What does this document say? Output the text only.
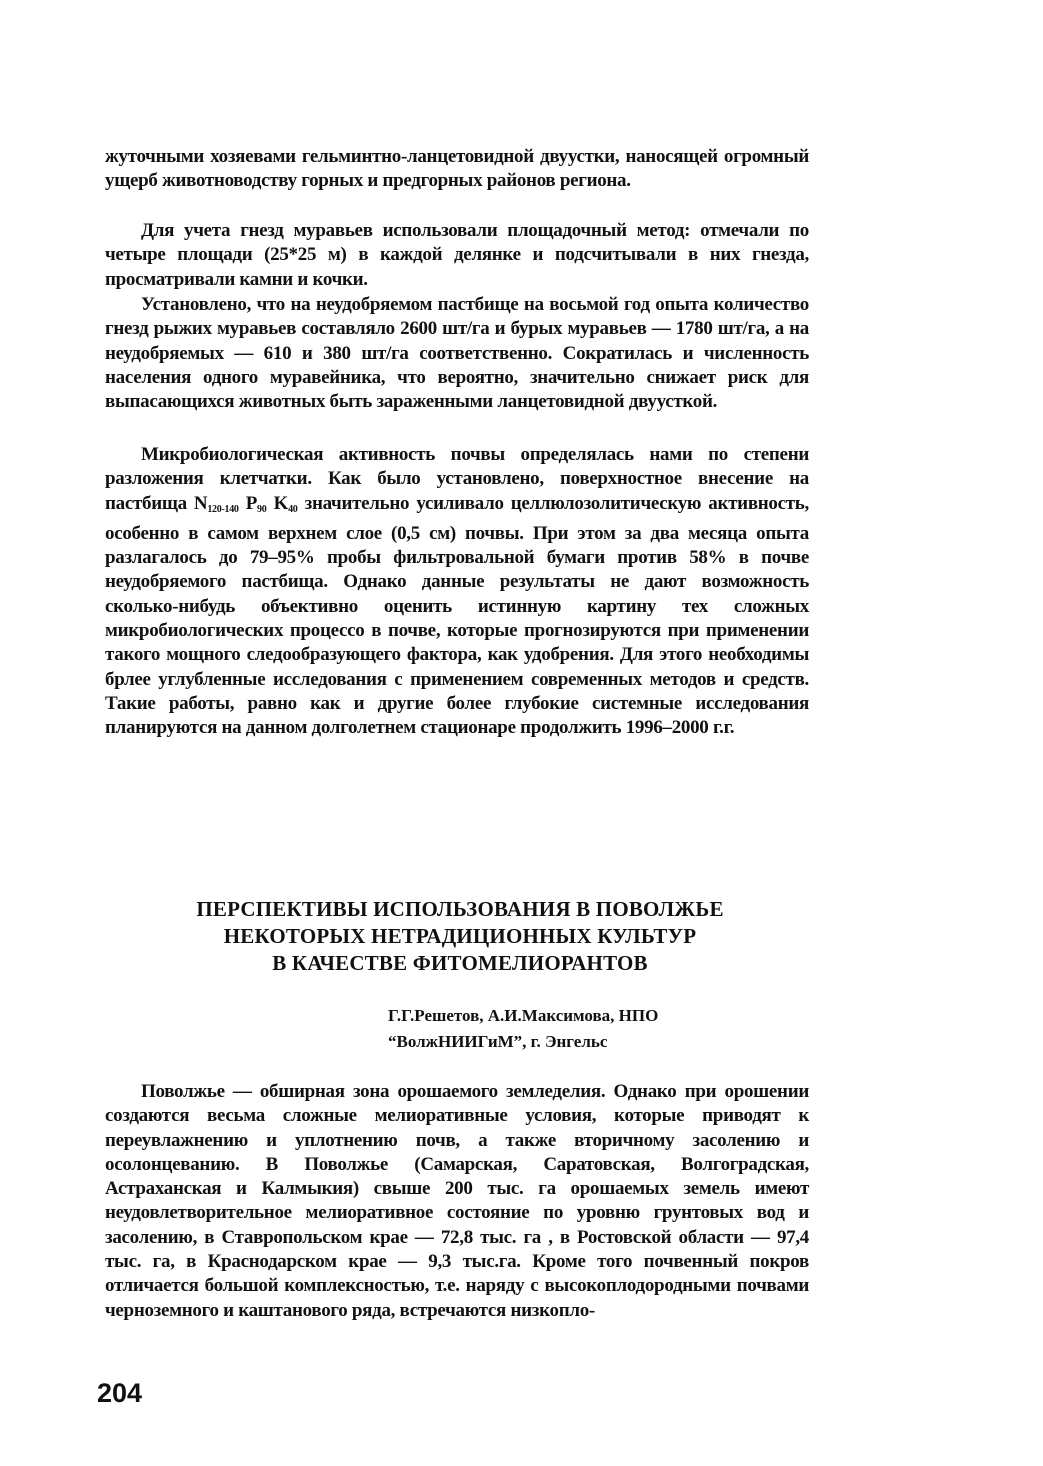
жуточными хозяевами гельминтно-ланцетовидной двуустки, наносящей огромный ущерб животноводству горных и предгорных районов региона.
Для учета гнезд муравьев использовали площадочный метод: отмечали по четыре площади (25*25 м) в каждой делянке и подсчитывали в них гнезда, просматривали камни и кочки.
Установлено, что на неудобряемом пастбище на восьмой год опыта количество гнезд рыжих муравьев составляло 2600 шт/га и бурых муравьев — 1780 шт/га, а на неудобряемых — 610 и 380 шт/га соответственно. Сократилась и численность населения одного муравейника, что вероятно, значительно снижает риск для выпасающихся животных быть зараженными ланцетовидной двуусткой.
Микробиологическая активность почвы определялась нами по степени разложения клетчатки. Как было установлено, поверхностное внесение на пастбища $N_{120-140}$ $P_{90}$ $K_{40}$ значительно усиливало целлюлозолитическую активность, особенно в самом верхнем слое (0,5 см) почвы. При этом за два месяца опыта разлагалось до 79–95% пробы фильтровальной бумаги против 58% в почве неудобряемого пастбища. Однако данные результаты не дают возможность сколько-нибудь объективно оценить истинную картину тех сложных микробиологических процессо в почве, которые прогнозируются при применении такого мощного следообразующего фактора, как удобрения. Для этого необходимы брлее углубленные исследования с применением современных методов и средств. Такие работы, равно как и другие более глубокие системные исследования планируются на данном долголетнем стационаре продолжить 1996–2000 г.г.
ПЕРСПЕКТИВЫ ИСПОЛЬЗОВАНИЯ В ПОВОЛЖЬЕ
НЕКОТОРЫХ НЕТРАДИЦИОННЫХ КУЛЬТУР
В КАЧЕСТВЕ ФИТОМЕЛИОРАНТОВ
Г.Г.Решетов, А.И.Максимова, НПО
“ВолжНИИГиМ”, г. Энгельс
Поволжье — обширная зона орошаемого земледелия. Однако при орошении создаются весьма сложные мелиоративные условия, которые приводят к переувлажнению и уплотнению почв, а также вторичному засолению и осолонцеванию. В Поволжье (Самарская, Саратовская, Волгоградская, Астраханская и Калмыкия) свыше 200 тыс. га орошаемых земель имеют неудовлетворительное мелиоративное состояние по уровню грунтовых вод и засолению, в Ставропольском крае — 72,8 тыс. га , в Ростовской области — 97,4 тыс. га, в Краснодарском крае — 9,3 тыс.га. Кроме того почвенный покров отличается большой комплексностью, т.е. наряду с высокоплодородными почвами черноземного и каштанового ряда, встречаются низкопло-
204
